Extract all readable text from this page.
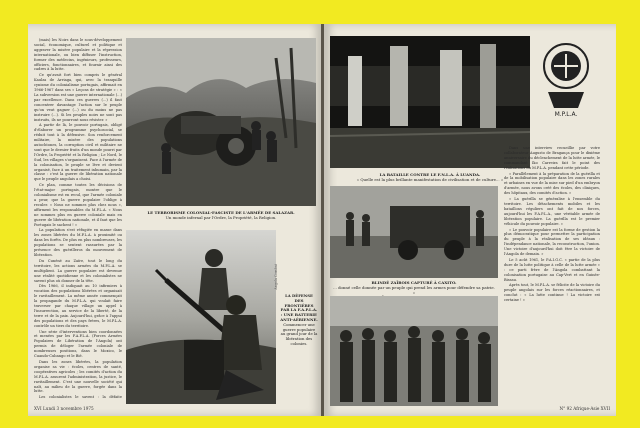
(mais) les Noirs dans le sous-développement social, économique, culturel et politique et aggraver la misère populaire et la répression internationale, ou bien diffuser l'instruction, former des médecins, ingénieurs, professeurs, officiers, fonctionnaires, et fournir ainsi des cadres à la lutte.

Ce qu'avait fort bien compris le général Kaulza de Arriaga, qui, avec la tranquille cynisme du colonialisme portugais, affirmait en 1966-1967 dans ses « Leçons de stratégie » : « La subversion est une guerre internationale (...) par excellence. Dans ces guerres (...) il faut concentrer davantage l'action sur le peuple qu'on veut gagner (...) ou du moins ne pas instruire (…). Si les peuples noirs ne sont pas instruits, ils ne pourront nous résister. »

A partir de là, le pouvoir portugais, obligé d'élaborer un programme psychosocial, se réduit tout à la défensive. Son renforcement militaire, la misère des populations autochtones, la corruption civil et militaire ne sont que le dernier fruits d'un monde pourri par l'Ordre, la Propriété et la Religion ; Le Nord, le Sud, les villages s'organisent. Face à l'armée de la colonisation, le peuple se lève et devient organisé, face à un traitement inhumain, par la classe : c'est la guerre de libération nationale que le peuple angolais a choisi.

Ce plan, comme toutes les décisions de l'état-major portugais, montre que le colonialisme est en recul, que l'armée coloniale a peur, que la guerre populaire l'oblige à reculer. « Nous ne sommes plus chez nous », affirment les responsables du M.P.L.A. « Nous ne sommes plus en guerre coloniale mais en guerre de libération nationale, et il faut que les Portugais le sachent ! »

La population s'est réfugiée en masse dans les zones libérées du M.P.L.A. à proximité ou dans les forêts. De plus en plus nombreuses, les populations se sentent rassurées par la présence des guérilleros du mouvement de libération.

Du Cunéné au Zaïre, tout le long du territoire, les actions armées du M.P.L.A. se multiplient. La guerre populaire est devenue une réalité quotidienne et les colonialistes ne savent plus où donner de la tête.

Dès 1966, il indiquait au 10 infirmiers à vocation des populations libérées et organisait le ravitaillement. La même année commençait la propagande du M.P.L.A. qui voulait faire traverser par chaque village un appel à l'insurrection, au service de la liberté, de la terre et de la paix. Aujourd'hui, grâce à l'appui des populations et des pays frères, le M.P.L.A. contrôle un tiers du territoire.

Une série d'interventions bien coordonnées et menées par les F.A.P.L.A. (Forces Armées Populaires de Libération de l'Angola) ont permis de déloger l'armée coloniale de nombreuses positions, dans le Moxico, le Cuando-Cubango et le Bié.

Dans les zones libérées, la population organise sa vie : écoles, centres de santé, coopératives agricoles ; les comités d'action du M.P.L.A. assurent l'administration, la justice, le ravitaillement. C'est une nouvelle société qui naît, au milieu de la guerre, forgée dans la lutte.

Les colonialistes le savent : la défaite

LE TERRORISME COLONIAL-FASCISTE DE L'ARMÉE DE SALAZAR.
Un monde infernal par l'Ordre, la Propriété, la Religion.
Angola Combat
LA DÉFENSE DES FRONTIÈRES PAR LA F.A.P.L.A. : UNE BATTERIE ANTI-AÉRIENNE.
Commencer une guerre populaire au grand jour de la libération des colonies.
XVI Lundi 3 novembre 1975
M.P.L.A.
LA BATAILLE CONTRE LE F.N.L.A. À LUANDA.
« Quelle est la plus brillante manifestation de civilisation et de culture... »
BLINDÉ ZAÏROIS CAPTURÉ À CAXITO.
... donné celle donnée par un peuple qui prend les armes pour défendre sa patrie. »

Dans une interview recueillie par votre collaborateur Augusto de Bragança pour le dixième anniversaire du déclenchement de la lutte armée, le commandant Iko Carreira fait le point des réalisations du M.P.L.A. pendant cette période.

« Parallèlement à la préparation de la guérilla et de la mobilisation populaire dans les zones rurales et urbaines en vue de la mise sur pied d'un embryon d'armée, nous avons créé des écoles, des cliniques, des hôpitaux, des comités d'action. »

« La guérilla se généralise à l'ensemble du territoire. Les détachements mobiles et les bataillons réguliers ont fait de nos forces, aujourd'hui les F.A.P.L.A., une véritable armée de libération populaire. La guérilla est le premier véhicule du pouvoir populaire. »

« Le pouvoir populaire est la forme de gestion la plus démocratique pour permettre la participation du peuple à la réalisation de ses idéaux : l'indépendance nationale, la reconstruction, l'union. Une victoire d'aujourd'hui doit être la victoire de l'Angola de demain. »

Le 5 août 1961, le P.A.I.G.C. « partie de la plus dure de la lutte politique à celle de la lutte armée » : ce parti frère de l'Angola combattant la colonisation portugaise au Cap-Vert et en Guinée-Bissau.

Après tout, le M.P.L.A. se félicite de la victoire du peuple angolais sur les forces réactionnaires, et conclut : « La lutte continue ! La victoire est certaine ! »

N° 92 Afrique-Asie XVII
